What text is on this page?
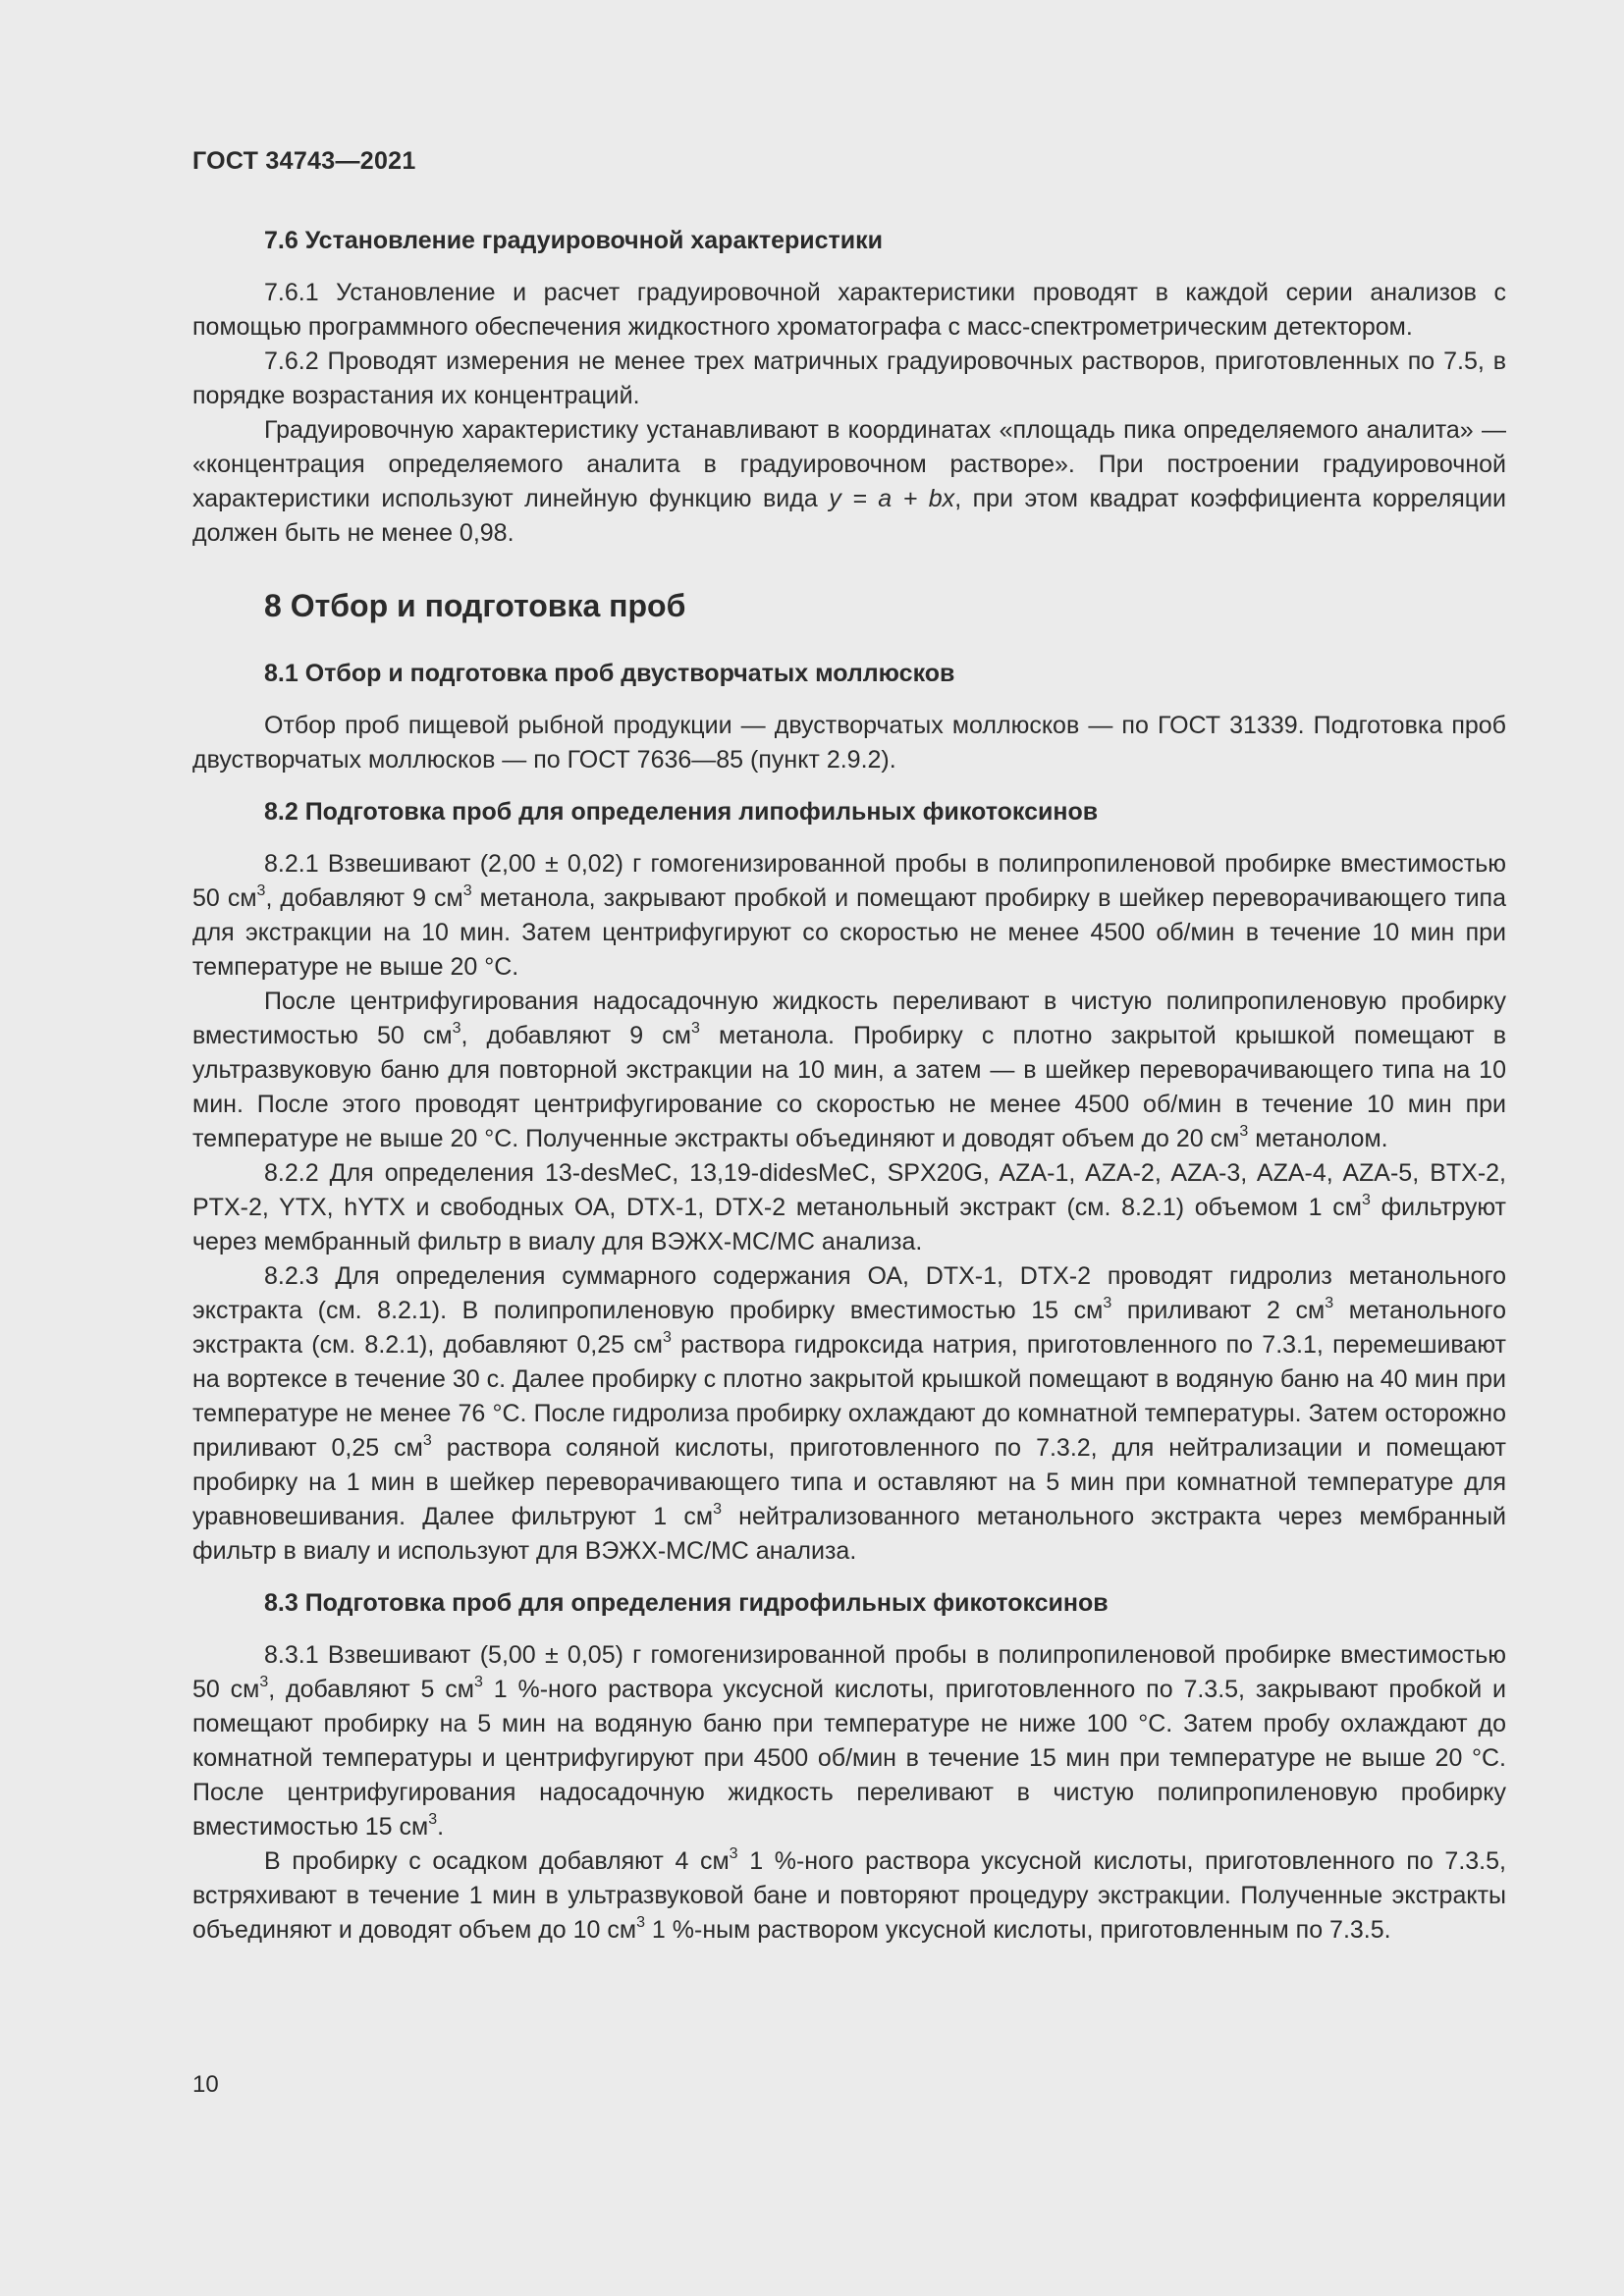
ГОСТ 34743—2021
7.6 Установление градуировочной характеристики

7.6.1 Установление и расчет градуировочной характеристики проводят в каждой серии анализов с помощью программного обеспечения жидкостного хроматографа с масс-спектрометрическим детектором.

7.6.2 Проводят измерения не менее трех матричных градуировочных растворов, приготовленных по 7.5, в порядке возрастания их концентраций.

Градуировочную характеристику устанавливают в координатах «площадь пика определяемого аналита» — «концентрация определяемого аналита в градуировочном растворе». При построении градуировочной характеристики используют линейную функцию вида y = a + bx, при этом квадрат коэффициента корреляции должен быть не менее 0,98.

8 Отбор и подготовка проб
8.1 Отбор и подготовка проб двустворчатых моллюсков

Отбор проб пищевой рыбной продукции — двустворчатых моллюсков — по ГОСТ 31339. Подготовка проб двустворчатых моллюсков — по ГОСТ 7636—85 (пункт 2.9.2).

8.2 Подготовка проб для определения липофильных фикотоксинов

8.2.1 Взвешивают (2,00 ± 0,02) г гомогенизированной пробы в полипропиленовой пробирке вместимостью 50 $см^3$, добавляют 9 $см^3$ метанола, закрывают пробкой и помещают пробирку в шейкер переворачивающего типа для экстракции на 10 мин. Затем центрифугируют со скоростью не менее 4500 об/мин в течение 10 мин при температуре не выше 20 °С.

После центрифугирования надосадочную жидкость переливают в чистую полипропиленовую пробирку вместимостью 50 $см^3$, добавляют 9 $см^3$ метанола. Пробирку с плотно закрытой крышкой помещают в ультразвуковую баню для повторной экстракции на 10 мин, а затем — в шейкер переворачивающего типа на 10 мин. После этого проводят центрифугирование со скоростью не менее 4500 об/мин в течение 10 мин при температуре не выше 20 °С. Полученные экстракты объединяют и доводят объем до 20 $см^3$ метанолом.

8.2.2 Для определения 13-desMeC, 13,19-didesMeC, SPX20G, AZA-1, AZA-2, AZA-3, AZA-4, AZA-5, BTX-2, PTX-2, YTX, hYTX и свободных ОА, DTX-1, DTX-2 метанольный экстракт (см. 8.2.1) объемом 1 $см^3$ фильтруют через мембранный фильтр в виалу для ВЭЖХ-МС/МС анализа.

8.2.3 Для определения суммарного содержания ОА, DTX-1, DTX-2 проводят гидролиз метанольного экстракта (см. 8.2.1). В полипропиленовую пробирку вместимостью 15 $см^3$ приливают 2 $см^3$ метанольного экстракта (см. 8.2.1), добавляют 0,25 $см^3$ раствора гидроксида натрия, приготовленного по 7.3.1, перемешивают на вортексе в течение 30 с. Далее пробирку с плотно закрытой крышкой помещают в водяную баню на 40 мин при температуре не менее 76 °С. После гидролиза пробирку охлаждают до комнатной температуры. Затем осторожно приливают 0,25 $см^3$ раствора соляной кислоты, приготовленного по 7.3.2, для нейтрализации и помещают пробирку на 1 мин в шейкер переворачивающего типа и оставляют на 5 мин при комнатной температуре для уравновешивания. Далее фильтруют 1 $см^3$ нейтрализованного метанольного экстракта через мембранный фильтр в виалу и используют для ВЭЖХ-МС/МС анализа.

8.3 Подготовка проб для определения гидрофильных фикотоксинов

8.3.1 Взвешивают (5,00 ± 0,05) г гомогенизированной пробы в полипропиленовой пробирке вместимостью 50 $см^3$, добавляют 5 $см^3$ 1 %-ного раствора уксусной кислоты, приготовленного по 7.3.5, закрывают пробкой и помещают пробирку на 5 мин на водяную баню при температуре не ниже 100 °С. Затем пробу охлаждают до комнатной температуры и центрифугируют при 4500 об/мин в течение 15 мин при температуре не выше 20 °С. После центрифугирования надосадочную жидкость переливают в чистую полипропиленовую пробирку вместимостью 15 $см^3$.

В пробирку с осадком добавляют 4 $см^3$ 1 %-ного раствора уксусной кислоты, приготовленного по 7.3.5, встряхивают в течение 1 мин в ультразвуковой бане и повторяют процедуру экстракции. Полученные экстракты объединяют и доводят объем до 10 $см^3$ 1 %-ным раствором уксусной кислоты, приготовленным по 7.3.5.

10
